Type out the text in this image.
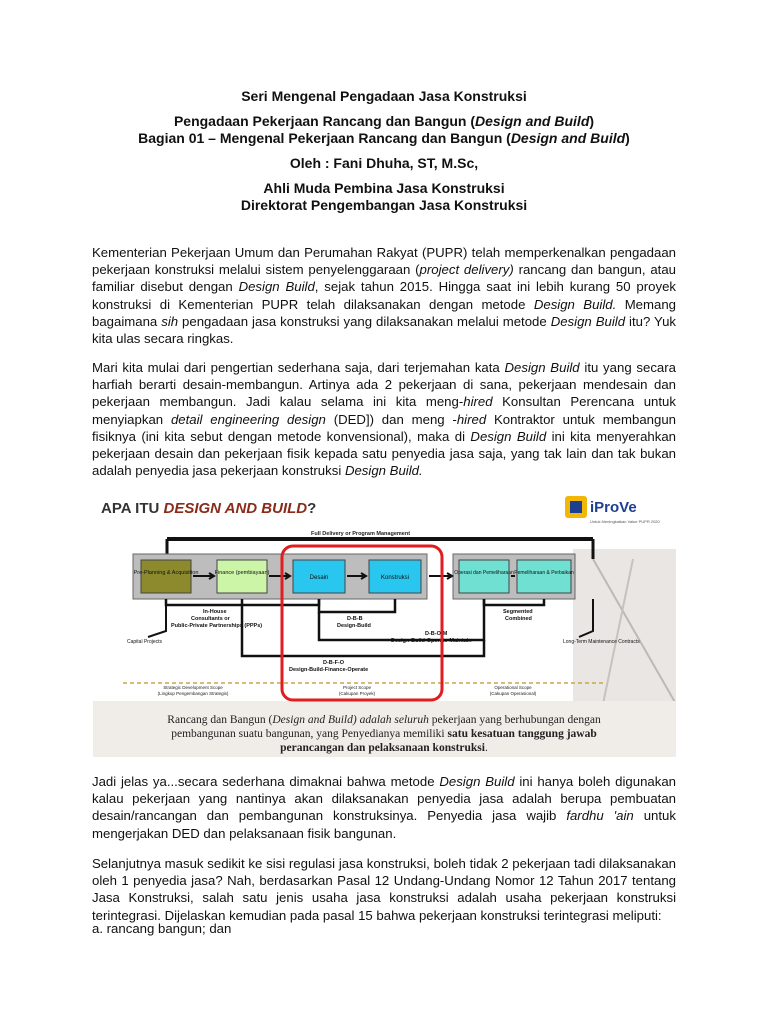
Seri Mengenal Pengadaan Jasa Konstruksi
Pengadaan Pekerjaan Rancang dan Bangun (Design and Build)
Bagian 01 – Mengenal Pekerjaan Rancang dan Bangun (Design and Build)
Oleh : Fani Dhuha, ST, M.Sc,
Ahli Muda Pembina Jasa Konstruksi
Direktorat Pengembangan Jasa Konstruksi
Kementerian Pekerjaan Umum dan Perumahan Rakyat (PUPR) telah memperkenalkan pengadaan pekerjaan konstruksi melalui sistem penyelenggaraan (project delivery) rancang dan bangun, atau familiar disebut dengan Design Build, sejak tahun 2015. Hingga saat ini lebih kurang 50 proyek konstruksi di Kementerian PUPR telah dilaksanakan dengan metode Design Build. Memang bagaimana sih pengadaan jasa konstruksi yang dilaksanakan melalui metode Design Build itu? Yuk kita ulas secara ringkas.
Mari kita mulai dari pengertian sederhana saja, dari terjemahan kata Design Build itu yang secara harfiah berarti desain-membangun. Artinya ada 2 pekerjaan di sana, pekerjaan mendesain dan pekerjaan membangun. Jadi kalau selama ini kita meng-hired Konsultan Perencana untuk menyiapkan detail engineering design (DED]) dan meng -hired Kontraktor untuk membangun fisiknya (ini kita sebut dengan metode konvensional), maka di Design Build ini kita menyerahkan pekerjaan desain dan pekerjaan fisik kepada satu penyedia jasa saja, yang tak lain dan tak bukan adalah penyedia jasa pekerjaan konstruksi Design Build.
APA ITU DESIGN AND BUILD?	iProVe
Untuk Meningkatkan Value PUPR 2020
Full Delivery or Program Management
Pre-Planning & Acquisition	Finance (pembiayaan)
Desain	Konstruksi
Operasi dan Pemeliharaan Pemeliharaan & Perbaikan
In-House
Consultants or
Public-Private Partnerships (PPPs)
D-B-B
Design-Build
Segmented
Combined
Capital Projects	Long-Term Maintenance Contracts
D-B-O-M
Design-Build-Operate-Maintain
D-B-F-O
Design-Build-Finance-Operate
Strategic Development Scope
(Lingkup Pengembangan Strategis)
Project Scope
(Cakupan Proyek)
Operational Scope
(Cakupan Operasional)
Rancang dan Bangun (Design and Build) adalah seluruh pekerjaan yang berhubungan dengan
pembangunan suatu bangunan, yang Penyedianya memiliki satu kesatuan tanggung jawab
perancangan dan pelaksanaan konstruksi.
Jadi jelas ya...secara sederhana dimaknai bahwa metode Design Build ini hanya boleh digunakan kalau pekerjaan yang nantinya akan dilaksanakan penyedia jasa adalah berupa pembuatan desain/rancangan dan pembangunan konstruksinya. Penyedia jasa wajib fardhu 'ain untuk mengerjakan DED dan pelaksanaan fisik bangunan.
Selanjutnya masuk sedikit ke sisi regulasi jasa konstruksi, boleh tidak 2 pekerjaan tadi dilaksanakan oleh 1 penyedia jasa? Nah, berdasarkan Pasal 12 Undang-Undang Nomor 12 Tahun 2017 tentang Jasa Konstruksi, salah satu jenis usaha jasa konstruksi adalah usaha pekerjaan konstruksi terintegrasi. Dijelaskan kemudian pada pasal 15 bahwa pekerjaan konstruksi terintegrasi meliputi:
a. rancang bangun; dan
